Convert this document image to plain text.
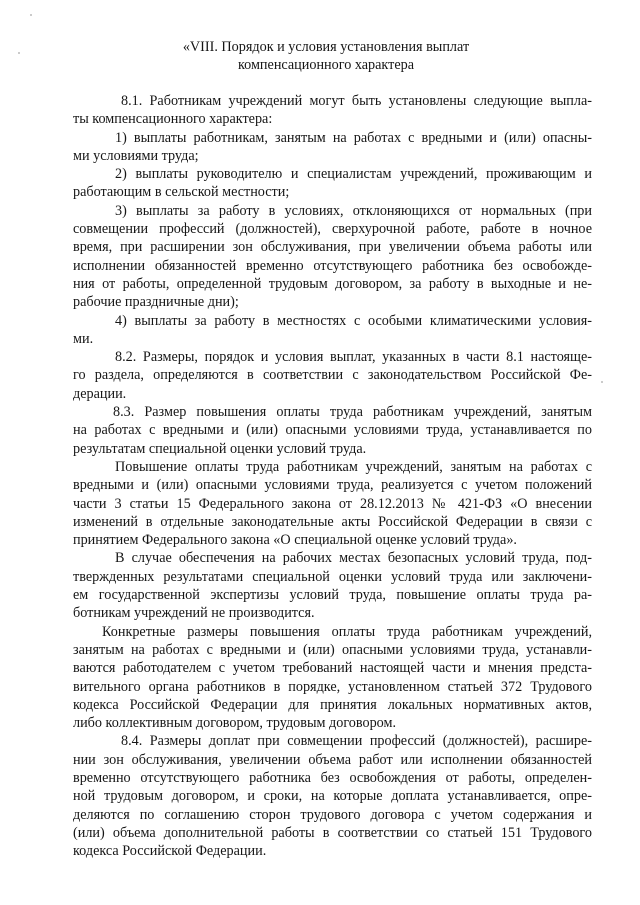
«VIII. Порядок и условия установления выплат
компенсационного характера
8.1. Работникам учреждений могут быть установлены следующие выпла-
ты компенсационного характера:
1) выплаты работникам, занятым на работах с вредными и (или) опасны-
ми условиями труда;
2) выплаты руководителю и специалистам учреждений, проживающим и
работающим в сельской местности;
3) выплаты за работу в условиях, отклоняющихся от нормальных (при
совмещении профессий (должностей), сверхурочной работе, работе в ночное
время, при расширении зон обслуживания, при увеличении объема работы или
исполнении обязанностей временно отсутствующего работника без освобожде-
ния от работы, определенной трудовым договором, за работу в выходные и не-
рабочие праздничные дни);
4) выплаты за работу в местностях с особыми климатическими условия-
ми.
8.2. Размеры, порядок и условия выплат, указанных в части 8.1 настояще-
го раздела, определяются в соответствии с законодательством Российской Фе-
дерации.
8.3. Размер повышения оплаты труда работникам учреждений, занятым
на работах с вредными и (или) опасными условиями труда, устанавливается по
результатам специальной оценки условий труда.
Повышение оплаты труда работникам учреждений, занятым на работах с
вредными и (или) опасными условиями труда, реализуется с учетом положений
части 3 статьи 15 Федерального закона от 28.12.2013 № 421-ФЗ «О внесении
изменений в отдельные законодательные акты Российской Федерации в связи с
принятием Федерального закона «О специальной оценке условий труда».
В случае обеспечения на рабочих местах безопасных условий труда, под-
твержденных результатами специальной оценки условий труда или заключени-
ем государственной экспертизы условий труда, повышение оплаты труда ра-
ботникам учреждений не производится.
Конкретные размеры повышения оплаты труда работникам учреждений,
занятым на работах с вредными и (или) опасными условиями труда, устанавли-
ваются работодателем с учетом требований настоящей части и мнения предста-
вительного органа работников в порядке, установленном статьей 372 Трудового
кодекса Российской Федерации для принятия локальных нормативных актов,
либо коллективным договором, трудовым договором.
8.4. Размеры доплат при совмещении профессий (должностей), расшире-
нии зон обслуживания, увеличении объема работ или исполнении обязанностей
временно отсутствующего работника без освобождения от работы, определен-
ной трудовым договором, и сроки, на которые доплата устанавливается, опре-
деляются по соглашению сторон трудового договора с учетом содержания и
(или) объема дополнительной работы в соответствии со статьей 151 Трудового
кодекса Российской Федерации.
